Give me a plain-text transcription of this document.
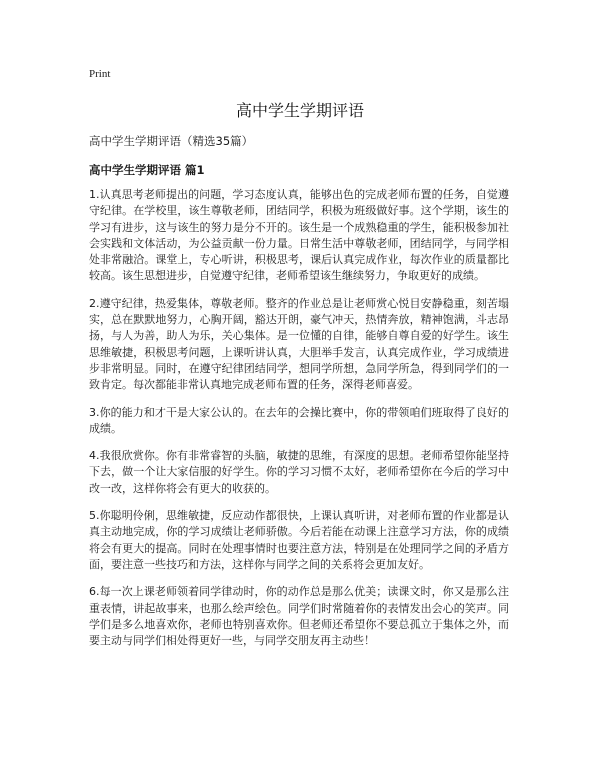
Print
高中学生学期评语
高中学生学期评语（精选35篇）
高中学生学期评语 篇1

1.认真思考老师提出的问题，学习态度认真，能够出色的完成老师布置的任务，自觉遵守纪律。在学校里，该生尊敬老师，团结同学，积极为班级做好事。这个学期，该生的学习有进步，这与该生的努力是分不开的。该生是一个成熟稳重的学生，能积极参加社会实践和文体活动，为公益贡献一份力量。日常生活中尊敬老师，团结同学，与同学相处非常融洽。课堂上，专心听讲，积极思考，课后认真完成作业，每次作业的质量都比较高。该生思想进步，自觉遵守纪律，老师希望该生继续努力，争取更好的成绩。

2.遵守纪律，热爱集体，尊敬老师。整齐的作业总是让老师赏心悦目安静稳重，刻苦塌实，总在默默地努力，心胸开阔，豁达开朗，豪气冲天，热情奔放，精神饱满，斗志昂扬，与人为善，助人为乐，关心集体。是一位懂的自律，能够自尊自爱的好学生。该生思维敏捷，积极思考问题，上课听讲认真，大胆举手发言，认真完成作业，学习成绩进步非常明显。同时，在遵守纪律团结同学，想同学所想，急同学所急，得到同学们的一致肯定。每次都能非常认真地完成老师布置的任务，深得老师喜爱。

3.你的能力和才干是大家公认的。在去年的会操比赛中，你的带领咱们班取得了良好的成绩。

4.我很欣赏你。你有非常睿智的头脑，敏捷的思维，有深度的思想。老师希望你能坚持下去，做一个让大家信服的好学生。你的学习习惯不太好，老师希望你在今后的学习中改一改，这样你将会有更大的收获的。

5.你聪明伶俐，思维敏捷，反应动作都很快，上课认真听讲，对老师布置的作业都是认真主动地完成，你的学习成绩让老师骄傲。今后若能在动课上注意学习方法，你的成绩将会有更大的提高。同时在处理事情时也要注意方法，特别是在处理同学之间的矛盾方面，要注意一些技巧和方法，这样你与同学之间的关系将会更加友好。

6.每一次上课老师领着同学律动时，你的动作总是那么优美；读课文时，你又是那么注重表情，讲起故事来，也那么绘声绘色。同学们时常随着你的表情发出会心的笑声。同学们是多么地喜欢你，老师也特别喜欢你。但老师还希望你不要总孤立于集体之外，而要主动与同学们相处得更好一些，与同学交朋友再主动些！
